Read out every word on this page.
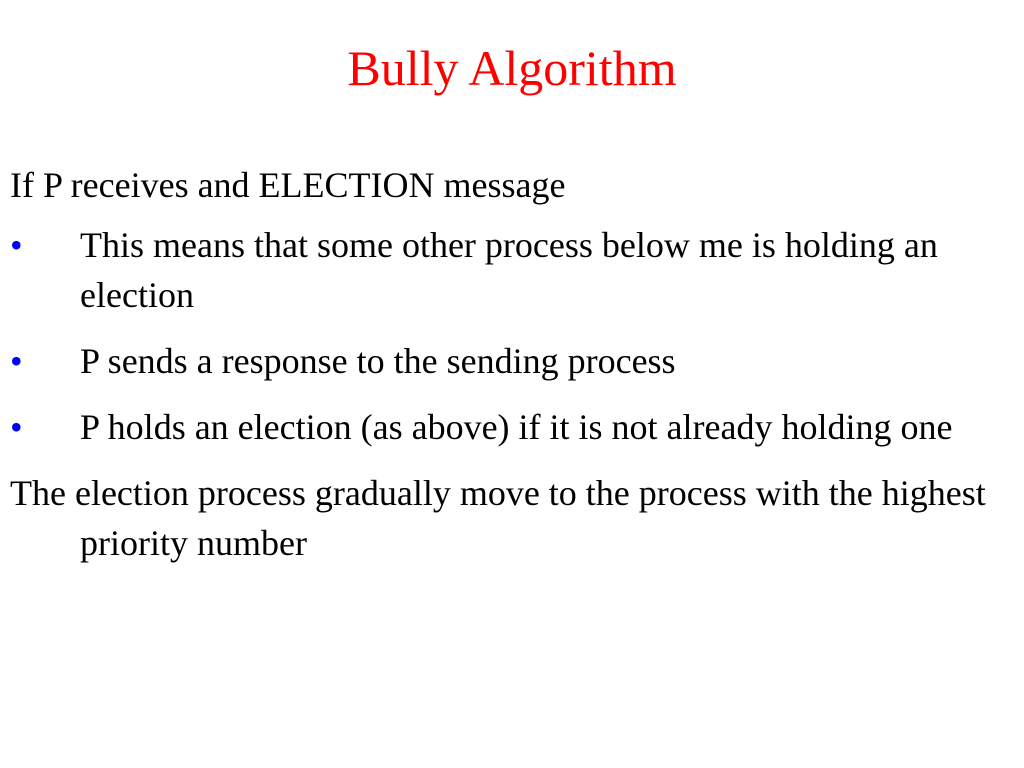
Bully Algorithm

If P receives and ELECTION message

•	This means that some other process below me is holding an election
•	P sends a response to the sending process
•	P holds an election (as above) if it is not already holding one

The election process gradually move to the process with the highest priority number
